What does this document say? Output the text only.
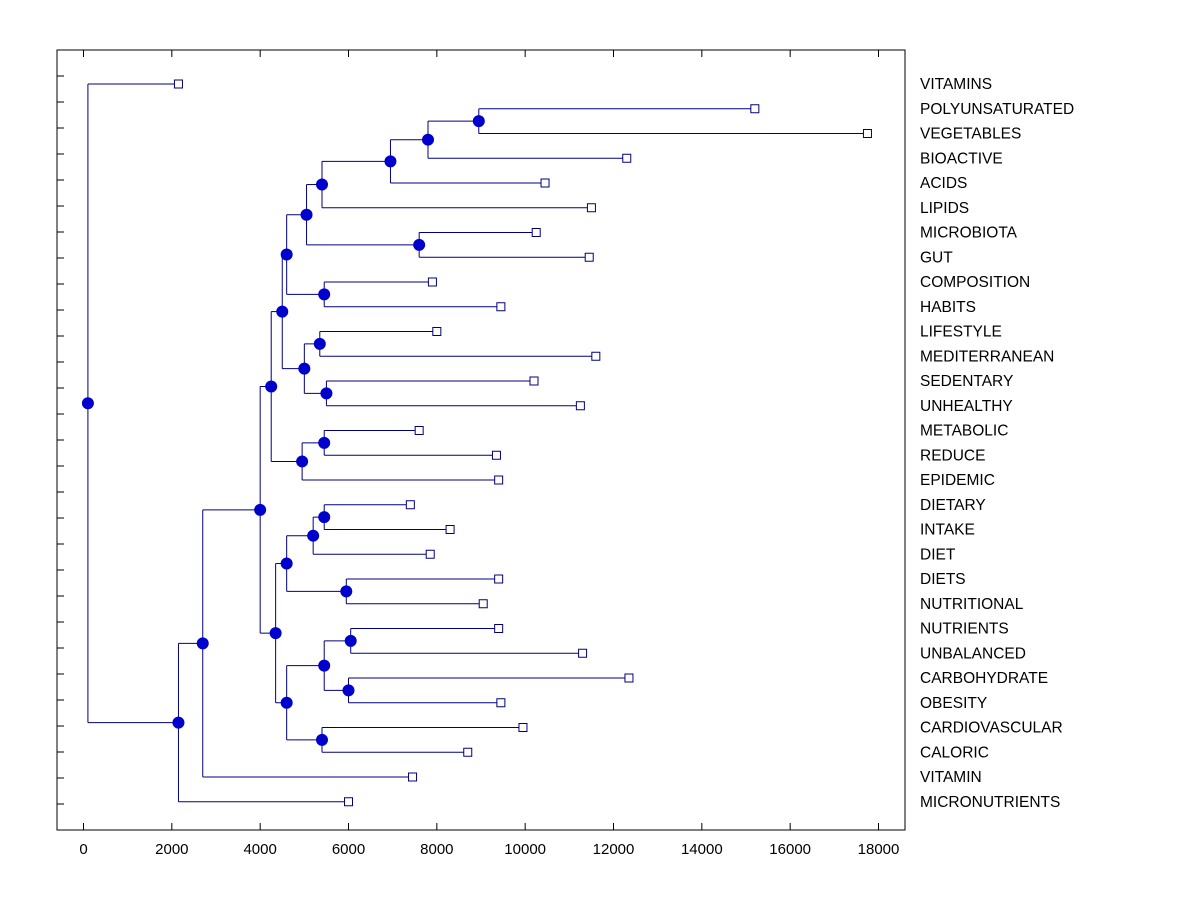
0	2000	4000	6000	8000	10000	12000	14000	16000	18000
VITAMINS
POLYUNSATURATED
VEGETABLES
BIOACTIVE
ACIDS
LIPIDS
MICROBIOTA
GUT
COMPOSITION
HABITS
LIFESTYLE
MEDITERRANEAN
SEDENTARY
UNHEALTHY
METABOLIC
REDUCE
EPIDEMIC
DIETARY
INTAKE
DIET
DIETS
NUTRITIONAL
NUTRIENTS
UNBALANCED
CARBOHYDRATE
OBESITY
CARDIOVASCULAR
CALORIC
VITAMIN
MICRONUTRIENTS
